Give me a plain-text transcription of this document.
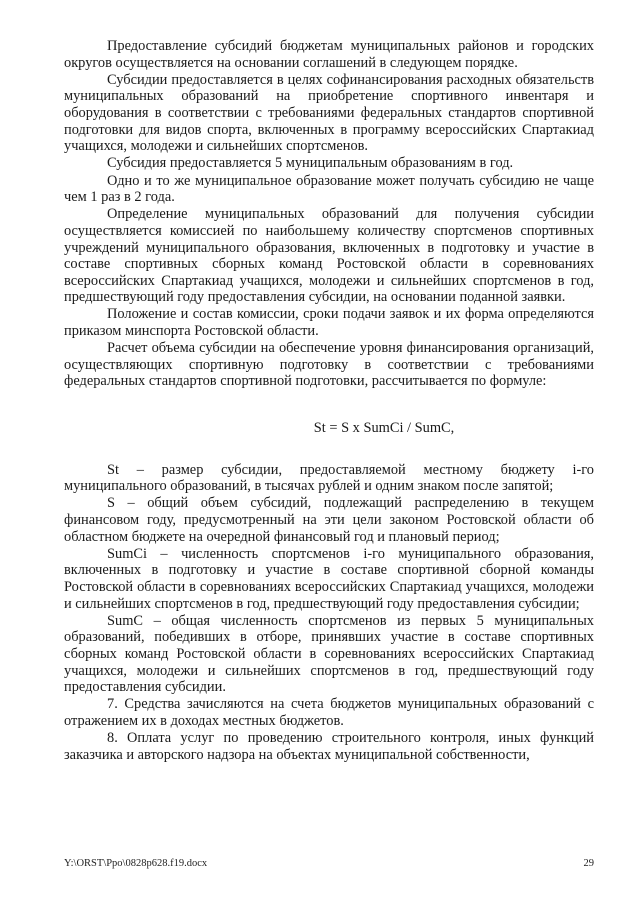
Предоставление субсидий бюджетам муниципальных районов и городских округов осуществляется на основании соглашений в следующем порядке.

Субсидии предоставляется в целях софинансирования расходных обязательств муниципальных образований на приобретение спортивного инвентаря и оборудования в соответствии с требованиями федеральных стандартов спортивной подготовки для видов спорта, включенных в программу всероссийских Спартакиад учащихся, молодежи и сильнейших спортсменов.

Субсидия предоставляется 5 муниципальным образованиям в год.

Одно и то же муниципальное образование может получать субсидию не чаще чем 1 раз в 2 года.

Определение муниципальных образований для получения субсидии осуществляется комиссией по наибольшему количеству спортсменов спортивных учреждений муниципального образования, включенных в подготовку и участие в составе спортивных сборных команд Ростовской области в соревнованиях всероссийских Спартакиад учащихся, молодежи и сильнейших спортсменов в год, предшествующий году предоставления субсидии, на основании поданной заявки.

Положение и состав комиссии, сроки подачи заявок и их форма определяются приказом минспорта Ростовской области.

Расчет объема субсидии на обеспечение уровня финансирования организаций, осуществляющих спортивную подготовку в соответствии с требованиями федеральных стандартов спортивной подготовки, рассчитывается по формуле:

St = S x SumCi / SumC,

St – размер субсидии, предоставляемой местному бюджету i-го муниципального образований, в тысячах рублей и одним знаком после запятой;

S – общий объем субсидий, подлежащий распределению в текущем финансовом году, предусмотренный на эти цели законом Ростовской области об областном бюджете на очередной финансовый год и плановый период;

SumCi – численность спортсменов i-го муниципального образования, включенных в подготовку и участие в составе спортивной сборной команды Ростовской области в соревнованиях всероссийских Спартакиад учащихся, молодежи и сильнейших спортсменов в год, предшествующий году предоставления субсидии;

SumC – общая численность спортсменов из первых 5 муниципальных образований, победивших в отборе, принявших участие в составе спортивных сборных команд Ростовской области в соревнованиях всероссийских Спартакиад учащихся, молодежи и сильнейших спортсменов в год, предшествующий году предоставления субсидии.

7. Средства зачисляются на счета бюджетов муниципальных образований с отражением их в доходах местных бюджетов.

8. Оплата услуг по проведению строительного контроля, иных функций заказчика и авторского надзора на объектах муниципальной собственности,

Y:\ORST\Ppo\0828p628.f19.docx	29
